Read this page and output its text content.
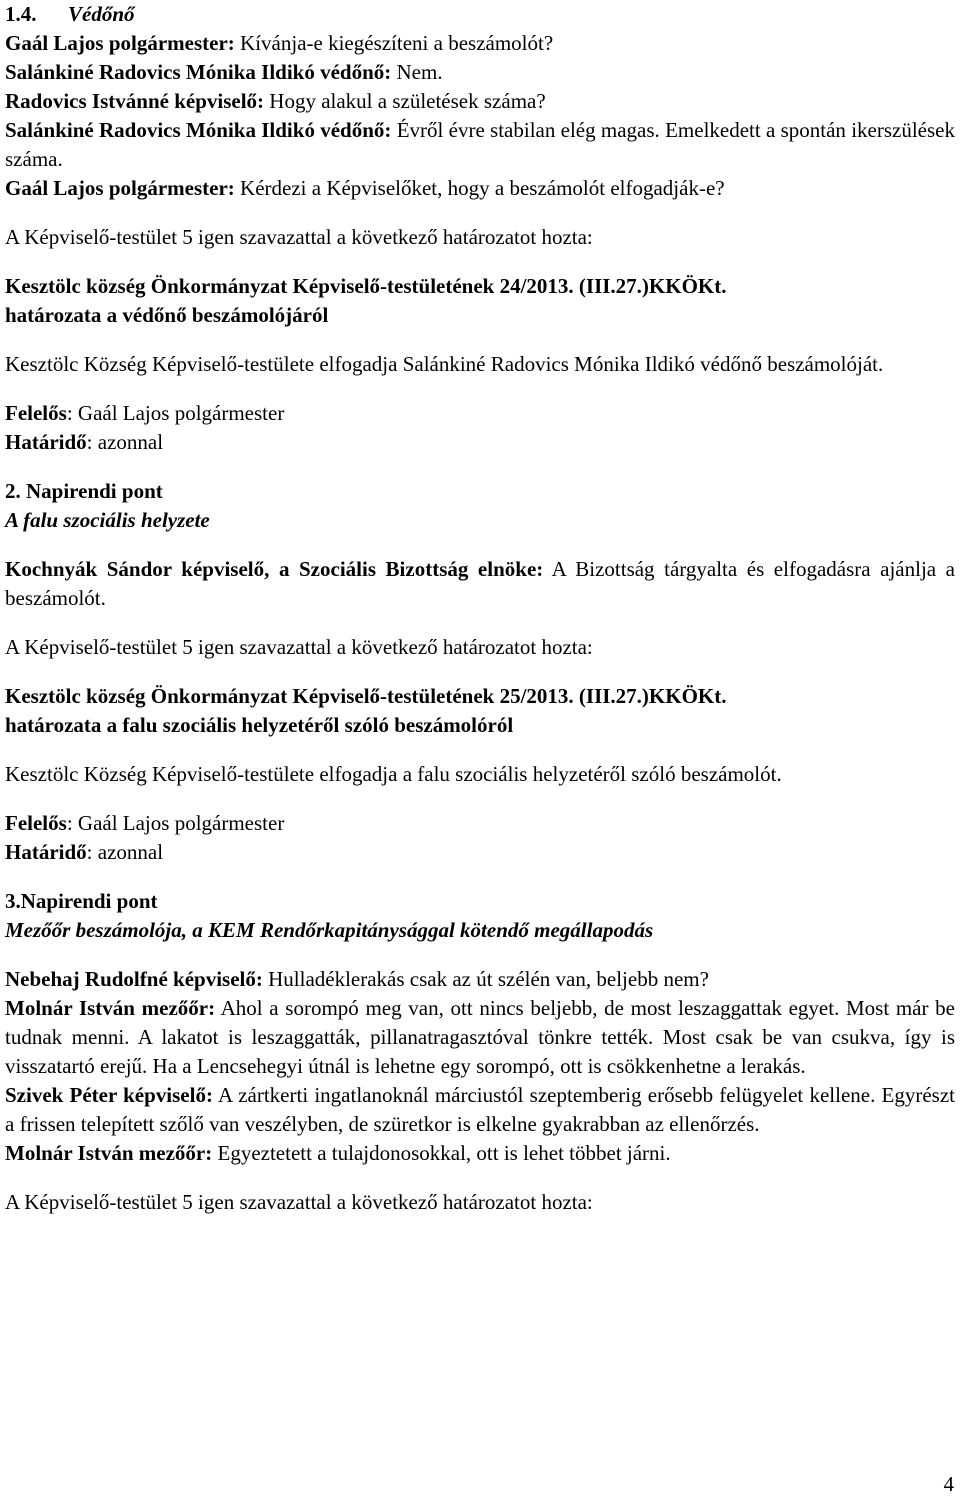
1.4. Védőnő

Gaál Lajos polgármester: Kívánja-e kiegészíteni a beszámolót?

Salánkiné Radovics Mónika Ildikó védőnő: Nem.

Radovics Istvánné képviselő: Hogy alakul a születések száma?

Salánkiné Radovics Mónika Ildikó védőnő: Évről évre stabilan elég magas. Emelkedett a spontán ikerszülések száma.

Gaál Lajos polgármester: Kérdezi a Képviselőket, hogy a beszámolót elfogadják-e?

A Képviselő-testület 5 igen szavazattal a következő határozatot hozta:

Kesztölc község Önkormányzat Képviselő-testületének 24/2013. (III.27.)KKÖKt.

határozata a védőnő beszámolójáról

Kesztölc Község Képviselő-testülete elfogadja Salánkiné Radovics Mónika Ildikó védőnő beszámolóját.

Felelős: Gaál Lajos polgármester

Határidő: azonnal

2. Napirendi pont

A falu szociális helyzete

Kochnyák Sándor képviselő, a Szociális Bizottság elnöke: A Bizottság tárgyalta és elfogadásra ajánlja a beszámolót.

A Képviselő-testület 5 igen szavazattal a következő határozatot hozta:

Kesztölc község Önkormányzat Képviselő-testületének 25/2013. (III.27.)KKÖKt.

határozata a falu szociális helyzetéről szóló beszámolóról

Kesztölc Község Képviselő-testülete elfogadja a falu szociális helyzetéről szóló beszámolót.

Felelős: Gaál Lajos polgármester

Határidő: azonnal

3.Napirendi pont

Mezőőr beszámolója, a KEM Rendőrkapitánysággal kötendő megállapodás

Nebehaj Rudolfné képviselő: Hulladéklerakás csak az út szélén van, beljebb nem?

Molnár István mezőőr: Ahol a sorompó meg van, ott nincs beljebb, de most leszaggattak egyet. Most már be tudnak menni. A lakatot is leszaggatták, pillanatragasztóval tönkre tették. Most csak be van csukva, így is visszatartó erejű. Ha a Lencsehegyi útnál is lehetne egy sorompó, ott is csökkenhetne a lerakás.

Szivek Péter képviselő: A zártkerti ingatlanoknál márciustól szeptemberig erősebb felügyelet kellene. Egyrészt a frissen telepített szőlő van veszélyben, de szüretkor is elkelne gyakrabban az ellenőrzés.

Molnár István mezőőr: Egyeztetett a tulajdonosokkal, ott is lehet többet járni.

A Képviselő-testület 5 igen szavazattal a következő határozatot hozta:

4
